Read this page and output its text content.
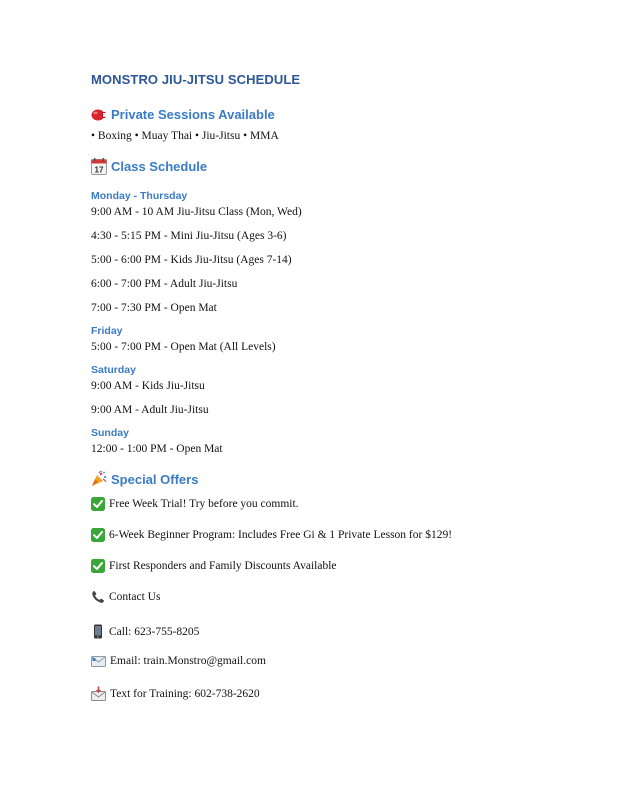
MONSTRO JIU-JITSU SCHEDULE
Private Sessions Available
• Boxing • Muay Thai • Jiu-Jitsu • MMA
17 Class Schedule
Monday - Thursday
9:00 AM - 10 AM Jiu-Jitsu Class (Mon, Wed)
4:30 - 5:15 PM - Mini Jiu-Jitsu (Ages 3-6)
5:00 - 6:00 PM - Kids Jiu-Jitsu (Ages 7-14)
6:00 - 7:00 PM - Adult Jiu-Jitsu
7:00 - 7:30 PM - Open Mat
Friday
5:00 - 7:00 PM - Open Mat (All Levels)
Saturday
9:00 AM - Kids Jiu-Jitsu
9:00 AM - Adult Jiu-Jitsu
Sunday
12:00 - 1:00 PM - Open Mat
Special Offers
Free Week Trial! Try before you commit.
6-Week Beginner Program: Includes Free Gi & 1 Private Lesson for $129!
First Responders and Family Discounts Available
Contact Us
Call: 623-755-8205
Email: train.Monstro@gmail.com
Text for Training: 602-738-2620
